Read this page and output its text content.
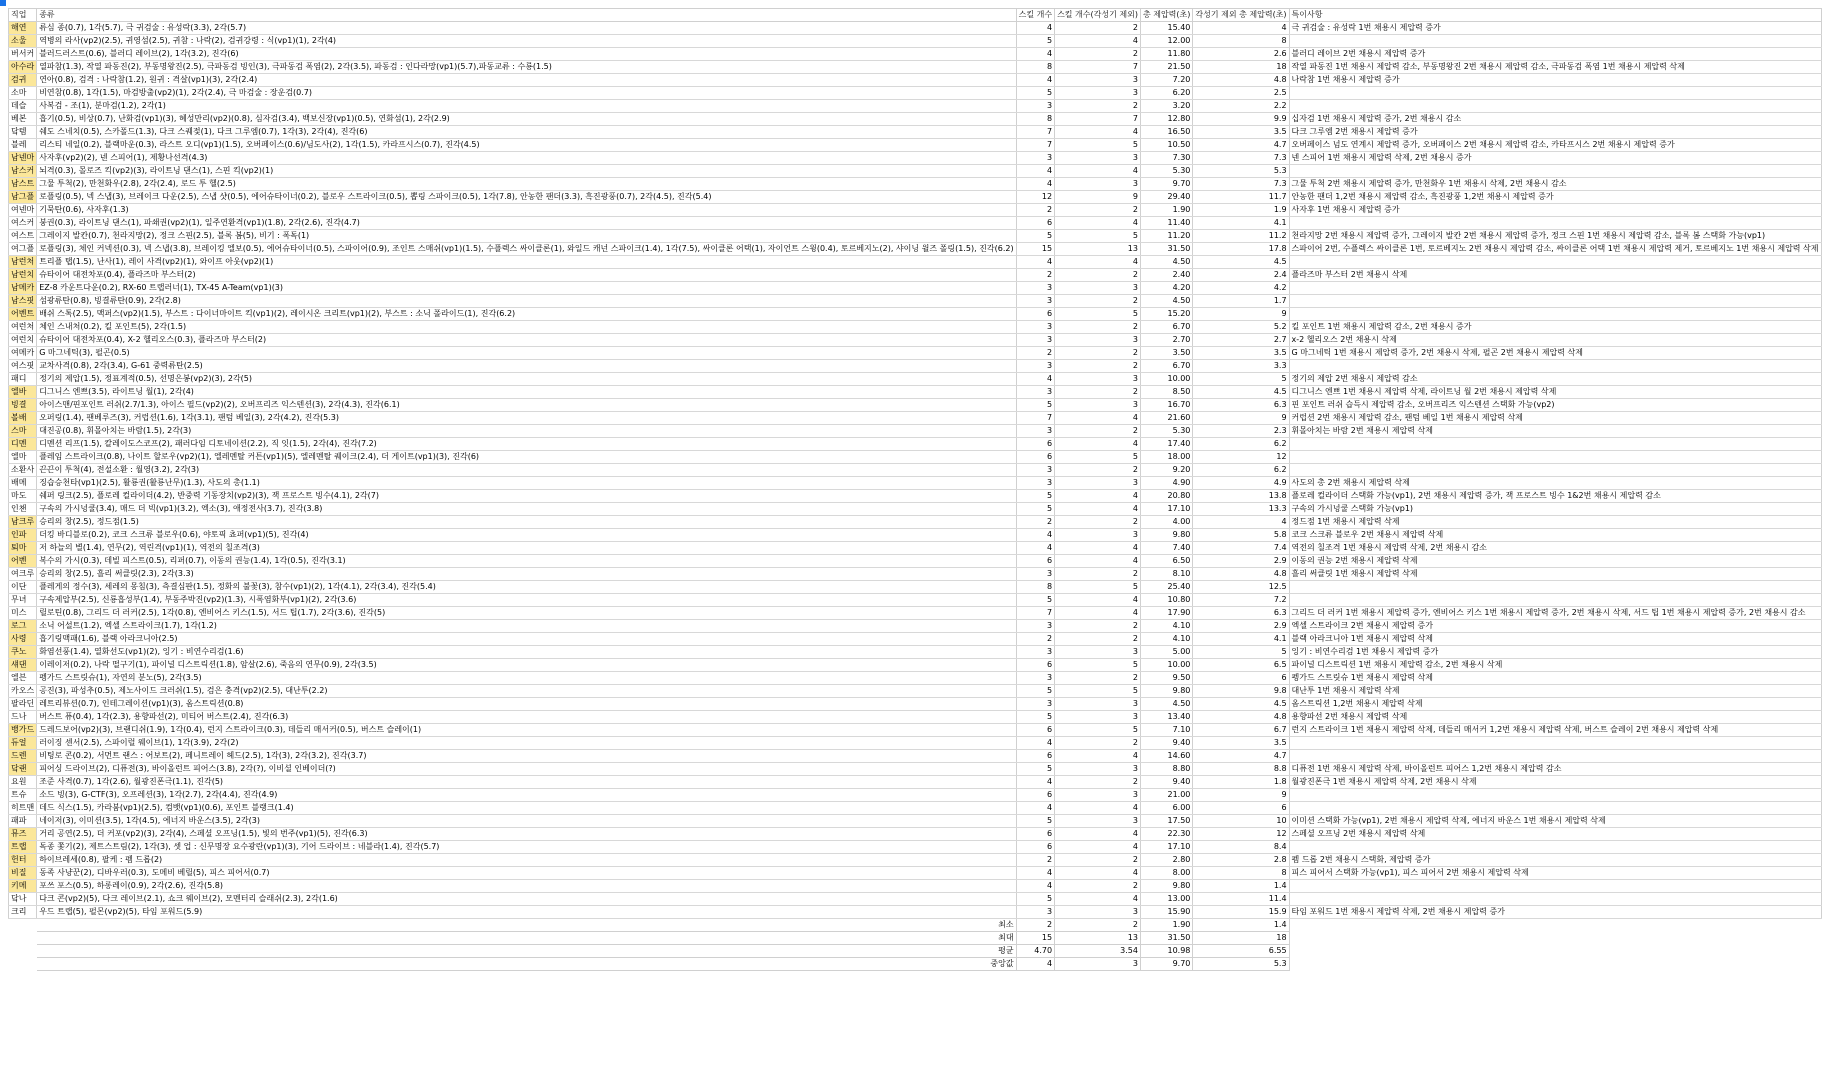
직업	종류	스킬 개수	스킬 개수(각성기 제외)	총 제압력(초)	각성기 제외 총 제압력(초)	특이사항
해연	류심 종(0.7), 1각(5.7), 극 귀검술 : 유성락(3.3), 2각(5.7)	4	2	15.40	4	극 귀검술 : 유성락 1번 채용시 제압력 증가
소울	역병의 라사(vp2)(2.5), 귀영섬(2.5), 귀참 : 나락(2), 검귀강령 : 식(vp1)(1), 2각(4)	5	4	12.00	8	
버서커	블러드러스트(0.6), 블러디 레이브(2), 1각(3.2), 진각(6)	4	2	11.80	2.6	블러디 레이브 2번 채용시 제압력 증가
아수라	열파참(1.3), 작열 파동진(2), 부동명왕진(2.5), 극파동검 빙인(3), 극파동검 폭염(2), 2각(3.5), 파동검 : 인다라망(vp1)(5.7),파동교류 : 수룡(1.5)	8	7	21.50	18	작열 파동진 1번 채용시 제압력 감소, 부동명왕진 2번 채용시 제압력 감소, 극파동검 폭염 1번 채용시 제압력 삭제
검귀	연아(0.8), 검격 : 나락참(1.2), 원귀 : 격살(vp1)(3), 2각(2.4)	4	3	7.20	4.8	나락참 1번 채용시 제압력 증가
소마	비연참(0.8), 1각(1.5), 마검방출(vp2)(1), 2각(2.4), 극 마검술 : 장운검(0.7)	5	3	6.20	2.5	
데슬	사복검 - 조(1), 분마검(1.2), 2각(1)	3	2	3.20	2.2	
베본	흡기(0.5), 비상(0.7), 난화검(vp1)(3), 혜성만리(vp2)(0.8), 심자검(3.4), 백보신장(vp1)(0.5), 연화섬(1), 2각(2.9)	8	7	12.80	9.9	십자검 1번 채용시 제압력 증가, 2번 채용시 감소
닼템	쉐도 스네치(0.5), 스카폴드(1.3), 다크 스퀘젖(1), 다크 그루엠(0.7), 1각(3), 2각(4), 진각(6)	7	4	16.50	3.5	다크 그루엠 2번 채용시 제압력 증가
블레	리스티 네일(0.2), 블랙마운(0.3), 라스트 오디(vp1)(1.5), 오버페이스(0.6)/님도사(2), 1각(1.5), 카라프시스(0.7), 진각(4.5)	7	5	10.50	4.7	오버페이스 넘도 연계시 제압력 증가, 오버페이스 2번 채용시 제압력 감소, 카타프시스 2번 채용시 제압력 증가
남넨마	사자후(vp2)(2), 넨 스피어(1), 제황나선격(4.3)	3	3	7.30	7.3	넨 스피어 1번 채용시 제압력 삭제, 2번 채용시 증가
남스커	뇌격(0.3), 몰로즈 킥(vp2)(3), 라이트닝 댄스(1), 스핀 킥(vp2)(1)	4	4	5.30	5.3	
남스트	그물 투척(2), 만천화우(2.8), 2각(2.4), 로드 투 헬(2.5)	4	3	9.70	7.3	그물 투척 2번 채용시 제압력 증가, 만천화우 1번 채용시 삭제, 2번 채용시 감소
남그플	로플링(0.5), 넥 스냅(3), 브레이크 다운(2.5), 스냅 샷(0.5), 에어슈타이너(0.2), 블로우 스트라이크(0.5), 뽑링 스파이크(0.5), 1각(7.8), 안농한 팬더(3.3), 흑진광풍(0.7), 2각(4.5), 진각(5.4)	12	9	29.40	11.7	안농한 팬더 1,2번 채용시 제압력 감소, 흑진광풍 1,2번 채용시 제압력 증가
여넨마	기묵탄(0.6), 사자후(1.3)	2	2	1.90	1.9	사자후 1번 채용시 제압력 증가
여스커	붕권(0.3), 라이트닝 댄스(1), 파쇄권(vp2)(1), 일주연환격(vp1)(1.8), 2각(2.6), 진각(4.7)	6	4	11.40	4.1	
여스트	그레이지 발칸(0.7), 천라지망(2), 정크 스핀(2.5), 블록 봄(5), 비기 : 폭독(1)	5	5	11.20	11.2	천라지망 2번 채용시 제압력 증가, 그레이지 발칸 2번 채용시 제압력 증가, 정크 스핀 1번 채용시 제압력 감소, 블록 봄 스택화 가능(vp1)
여그플	로플링(3), 체인 커넥션(0.3), 넥 스냅(3.8), 브레이킹 엘보(0.5), 에어슈타이너(0.5), 스파이어(0.9), 조인트 스매쉬(vp1)(1.5), 수플렉스 싸이클론(1), 와일드 캐넌 스파이크(1.4), 1각(7.5), 싸이클론 어택(1), 자이언트 스윙(0.4), 토르베지노(2), 샤이닝 윌즈 폴링(1.5), 진각(6.2)	15	13	31.50	17.8	스파이어 2번, 수플렉스 싸이클론 1번, 토르베지노 2번 채용시 제압력 감소, 싸이클론 어택 1번 채용시 제압력 제거, 토르베지노 1번 채용시 제압력 삭제
남런처	트리플 탭(1.5), 난사(1), 레이 사격(vp2)(1), 와이프 아웃(vp2)(1)	4	4	4.50	4.5	
남런치	슈타이어 대전차포(0.4), 플라즈마 부스터(2)	2	2	2.40	2.4	플라즈마 부스터 2번 채용시 삭제
남메카	EZ-8 카운트다운(0.2), RX-60 트랩러너(1), TX-45 A-Team(vp1)(3)	3	3	4.20	4.2	
남스핏	섬광류탄(0.8), 빙결류탄(0.9), 2각(2.8)	3	2	4.50	1.7	
어벤트	배쉬 스톡(2.5), 맥퍼스(vp2)(1.5), 부스트 : 다이너마이트 킥(vp1)(2), 레이시온 크리트(vp1)(2), 부스트 : 소닉 폴라이드(1), 진각(6.2)	6	5	15.20	9	
여런처	체인 스내처(0.2), 킬 포인트(5), 2각(1.5)	3	2	6.70	5.2	킬 포인트 1번 채용시 제압력 감소, 2번 채용시 증가
여런치	슈타이어 대전차포(0.4), X-2 헬리오스(0.3), 플라즈마 부스터(2)	3	3	2.70	2.7	x-2 헬리오스 2번 채용시 삭제
여메카	G 마그네틱(3), 펄곤(0.5)	2	2	3.50	3.5	G 마그네틱 1번 채용시 제압력 증가, 2번 채용시 삭제, 펄곤 2번 채용시 제압력 삭제
여스핏	교차사격(0.8), 2각(3.4), G-61 중력류탄(2.5)	3	2	6.70	3.3	
패디	정기의 제압(1.5), 정표계적(0.5), 선명은봉(vp2)(3), 2각(5)	4	3	10.00	5	정기의 제압 2번 채용시 제압력 감소
엘바	디그니스 엔쁘(3.5), 라이트닝 월(1), 2각(4)	3	2	8.50	4.5	디그니스 엔쁘 1번 채용시 제압력 삭제, 라이트닝 월 2번 채용시 제압력 삭제
빙결	아이스맨/핀포인트 러쉬(2.7/1.3), 아이스 필드(vp2)(2), 오버프리즈 익스텐션(3), 2각(4.3), 진각(6.1)	5	3	16.70	6.3	핀 포인트 러쉬 습득시 제압력 감소, 오버프리즈 익스텐션 스택화 가능(vp2)
볼배	오퍼링(1.4), 팬베루즈(3), 커럽션(1.6), 1각(3.1), 팬텀 베일(3), 2각(4.2), 진각(5.3)	7	4	21.60	9	커럽션 2번 채용시 제압력 감소, 팬텀 베일 1번 채용시 제압력 삭제
스마	대진공(0.8), 휘몰아치는 바람(1.5), 2각(3)	3	2	5.30	2.3	휘몰아치는 바람 2번 채용시 제압력 삭제
디멘	디멘션 리프(1.5), 칼레이도스코프(2), 패러다임 디토네이션(2.2), 직 잇(1.5), 2각(4), 진각(7.2)	6	4	17.40	6.2	
엘마	플레임 스트라이크(0.8), 나이트 할로우(vp2)(1), 엘레멘탈 커튼(vp1)(5), 엘레멘탈 퀘이크(2.4), 더 게이트(vp1)(3), 진각(6)	6	5	18.00	12	
소환사	끈끈이 투척(4), 전설소환 : 월영(3.2), 2각(3)	3	2	9.20	6.2	
배메	징습승천타(vp1)(2.5), 활룡권(활룡난무)(1.3), 사도의 총(1.1)	3	3	4.90	4.9	사도의 총 2번 채용시 제압력 삭제
마도	쉐퍼 링크(2.5), 플로레 컬라이더(4.2), 반중력 기동장치(vp2)(3), 잭 프로스트 빙수(4.1), 2각(7)	5	4	20.80	13.8	플로레 컬라이더 스택화 가능(vp1), 2번 채용시 제압력 증가, 잭 프로스트 빙수 1&2번 채용시 제압력 감소
인챈	구속의 가시넝쿨(3.4), 매드 더 빅(vp1)(3.2), 엑소(3), 애정전사(3.7), 진각(3.8)	5	4	17.10	13.3	구속의 가시넝쿨 스택화 가능(vp1)
남크루	승리의 창(2.5), 정드점(1.5)	2	2	4.00	4	정드점 1번 채용시 제압력 삭제
인파	더킹 바디블로(0.2), 코크 스크류 블로우(0.6), 야토픽 쵸퍼(vp1)(5), 진각(4)	4	3	9.80	5.8	코크 스크류 블로우 2번 채용시 제압력 삭제
퇴마	저 하늘의 별(1.4), 연무(2), 역린격(vp1)(1), 역전의 칠조격(3)	4	4	7.40	7.4	역전의 칠조격 1번 채용시 제압력 삭제, 2번 채용시 감소
어벤	복수의 가시(0.3), 데빌 피스트(0.5), 리퍼(0.7), 이동의 권능(1.4), 1각(0.5), 진각(3.1)	6	4	6.50	2.9	이동의 권능 2번 채용시 제압력 삭제
여크루	승리의 창(2.5), 흘리 써클릿(2.3), 2각(3.3)	3	2	8.10	4.8	흘리 써클릿 1번 채용시 제압력 삭제
이단	플레게의 정수(3), 세레의 몽침(3), 측결심판(1.5), 정화의 불꽃(3), 참수(vp1)(2), 1각(4.1), 2각(3.4), 진각(5.4)	8	5	25.40	12.5	
무녀	구속제압부(2.5), 신룡흡성부(1.4), 부동주박진(vp2)(1.3), 시폭염화부(vp1)(2), 2각(3.6)	5	4	10.80	7.2	
미스	릴로틴(0.8), 그리드 더 러커(2.5), 1각(0.8), 엔비어스 키스(1.5), 서드 팁(1.7), 2각(3.6), 진각(5)	7	4	17.90	6.3	그리드 더 러커 1번 채용시 제압력 증가, 엔비어스 키스 1번 채용시 제압력 증가, 2번 채용시 삭제, 서드 팁 1번 채용시 제압력 증가, 2번 채용시 감소
로그	소닉 어설트(1.2), 엑셀 스트라이크(1.7), 1각(1.2)	3	2	4.10	2.9	엑셀 스트라이크 2번 채용시 제압력 증가
사령	흡기링맥패(1.6), 블랙 아라크니아(2.5)	2	2	4.10	4.1	블랙 아라크니아 1번 채용시 제압력 삭제
쿠노	화염선풍(1.4), 열화선도(vp1)(2), 잉기 : 비연수리검(1.6)	3	3	5.00	5	잉기 : 비연수리검 1번 채용시 제압력 증가
섀댄	이레이저(0.2), 나락 떨구기(1), 파이널 디스트릭션(1.8), 암살(2.6), 죽음의 연무(0.9), 2각(3.5)	6	5	10.00	6.5	파이널 디스트릭션 1번 채용시 제압력 감소, 2번 채용시 삭제
엘븐	펭가드 스트릿슈(1), 자연의 분노(5), 2각(3.5)	3	2	9.50	6	펭가드 스트릿슈 1번 채용시 제압력 삭제
카오스	공진(3), 파성추(0.5), 제노사이드 크러쉬(1.5), 검은 충격(vp2)(2.5), 대난투(2.2)	5	5	9.80	9.8	대난투 1번 채용시 제압력 삭제
팔라딘	레트리뷰션(0.7), 인테그레이션(vp1)(3), 옴스트릭션(0.8)	3	3	4.50	4.5	옴스트릭션 1,2번 채용시 제압력 삭제
드나	버스트 퓨(0.4), 1각(2.3), 용향파선(2), 미티어 버스트(2.4), 진각(6.3)	5	3	13.40	4.8	용향파선 2번 채용시 제압력 삭제
뱅가드	드레드보어(vp2)(3), 브랜디쉬(1.9), 1각(0.4), 런지 스트라이크(0.3), 데들리 매서커(0.5), 버스트 슬레이(1)	6	5	7.10	6.7	런지 스트라이크 1번 채용시 제압력 삭제, 데들리 매서커 1,2번 채용시 제압력 삭제, 버스트 슬레이 2번 채용시 제압력 삭제
듀얼	러이징 센서(2.5), 스파이럴 웨이브(1), 1각(3.9), 2각(2)	4	2	9.40	3.5	
드렌	비팅로 콘(0.2), 서먼트 랜스 : 어보트(2), 페니트레이 헤드(2.5), 1각(3), 2각(3.2), 진각(3.7)	6	4	14.60	4.7	
닼랜	피어싱 드라이브(2), 디퓨전(3), 바이올런트 피어스(3.8), 2각(?), 이비셜 인베이더(?)	5	3	8.80	8.8	디퓨전 1번 채용시 제압력 삭제, 바이올런트 피어스 1,2번 채용시 제압력 감소
요원	조준 사격(0.7), 1각(2.6), 월광진폰극(1.1), 진각(5)	4	2	9.40	1.8	월광진폰극 1번 채용시 제압력 삭제, 2번 채용시 삭제
트슈	소드 빙(3), G-CTF(3), 오프레션(3), 1각(2.7), 2각(4.4), 진각(4.9)	6	3	21.00	9	
히트맨	데드 식스(1.5), 카라붐(vp1)(2.5), 컴뱃(vp1)(0.6), 포인트 블랭크(1.4)	4	4	6.00	6	
패파	네이저(3), 이미션(3.5), 1각(4.5), 에너지 바운스(3.5), 2각(3)	5	3	17.50	10	이미션 스택화 가능(vp1), 2번 채용시 제압력 삭제, 에너지 바운스 1번 채용시 제압력 삭제
뮤즈	거리 공연(2.5), 더 커포(vp2)(3), 2각(4), 스페셜 오프닝(1.5), 빛의 번주(vp1)(5), 진각(6.3)	6	4	22.30	12	스페셜 오프닝 2번 채용시 제압력 삭제
트랩	독종 쫓기(2), 제트스트림(2), 1각(3), 셋 업 : 신무명장 요수광란(vp1)(3), 기어 드라이브 : 네블라(1.4), 진각(5.7)	6	4	17.10	8.4	
헌터	하이브레세(0.8), 팔케 : 펨 드롭(2)	2	2	2.80	2.8	펨 드롭 2번 채용시 스택화, 제압력 증가
비질	동족 사냥꾼(2), 디바우러(0.3), 도메비 베릴(5), 피스 피어서(0.7)	4	4	8.00	8	피스 피어서 스택화 가능(vp1), 피스 피어서 2번 채용시 제압력 삭제
키메	포쓰 포스(0.5), 하롱레이(0.9), 2각(2.6), 진각(5.8)	4	2	9.80	1.4	
닼나	다크 콘(vp2)(5), 다크 레이브(2.1), 쇼크 웨이브(2), 모멘터리 슬래쉬(2.3), 2각(1.6)	5	4	13.00	11.4	
크리	우드 트랩(5), 펄몬(vp2)(5), 타임 포워드(5.9)	3	3	15.90	15.9	타임 포워드 1번 채용시 제압력 삭제, 2번 채용시 제압력 증가
	최소	2	2	1.90	1.4	
	최대	15	13	31.50	18	
	평균	4.70	3.54	10.98	6.55	
	중앙값	4	3	9.70	5.3	
